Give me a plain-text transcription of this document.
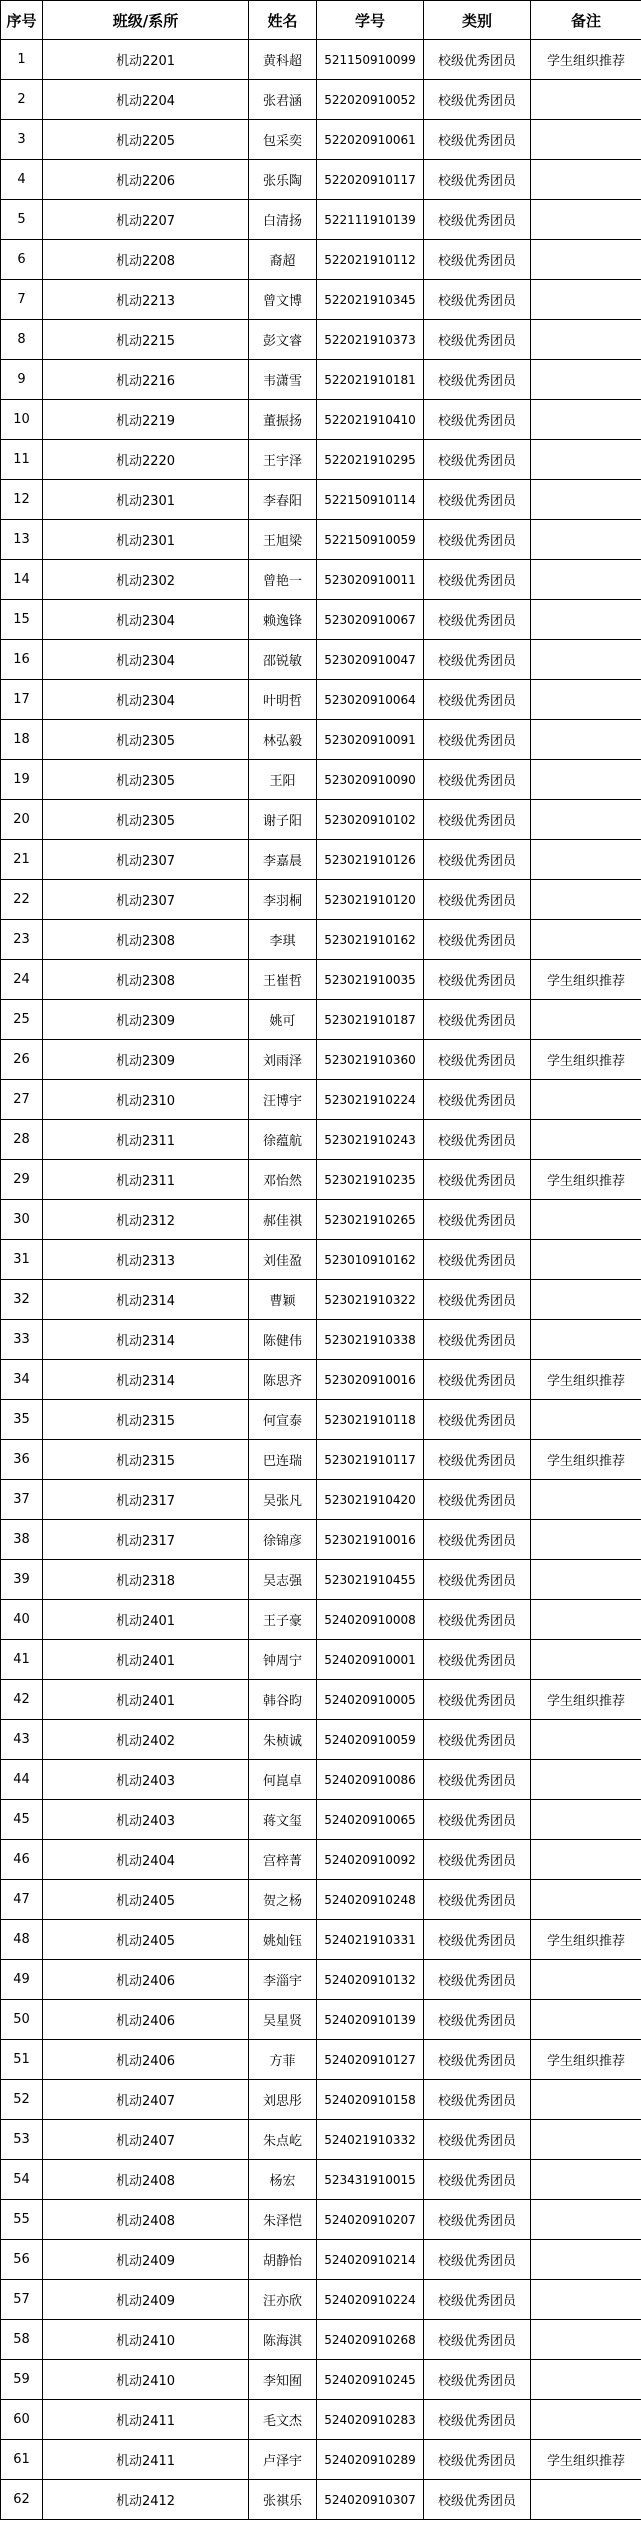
序号	班级/系所	姓名	学号	类别	备注
1	机动2201	黄科超	521150910099	校级优秀团员	学生组织推荐
2	机动2204	张君涵	522020910052	校级优秀团员	
3	机动2205	包采奕	522020910061	校级优秀团员	
4	机动2206	张乐陶	522020910117	校级优秀团员	
5	机动2207	白清扬	522111910139	校级优秀团员	
6	机动2208	裔超	522021910112	校级优秀团员	
7	机动2213	曾文博	522021910345	校级优秀团员	
8	机动2215	彭文睿	522021910373	校级优秀团员	
9	机动2216	韦潇雪	522021910181	校级优秀团员	
10	机动2219	董振扬	522021910410	校级优秀团员	
11	机动2220	王宇泽	522021910295	校级优秀团员	
12	机动2301	李春阳	522150910114	校级优秀团员	
13	机动2301	王旭梁	522150910059	校级优秀团员	
14	机动2302	曾艳一	523020910011	校级优秀团员	
15	机动2304	赖逸锋	523020910067	校级优秀团员	
16	机动2304	邵锐敏	523020910047	校级优秀团员	
17	机动2304	叶明哲	523020910064	校级优秀团员	
18	机动2305	林弘毅	523020910091	校级优秀团员	
19	机动2305	王阳	523020910090	校级优秀团员	
20	机动2305	谢子阳	523020910102	校级优秀团员	
21	机动2307	李嘉晨	523021910126	校级优秀团员	
22	机动2307	李羽桐	523021910120	校级优秀团员	
23	机动2308	李琪	523021910162	校级优秀团员	
24	机动2308	王崔哲	523021910035	校级优秀团员	学生组织推荐
25	机动2309	姚可	523021910187	校级优秀团员	
26	机动2309	刘雨泽	523021910360	校级优秀团员	学生组织推荐
27	机动2310	汪博宇	523021910224	校级优秀团员	
28	机动2311	徐蕴航	523021910243	校级优秀团员	
29	机动2311	邓怡然	523021910235	校级优秀团员	学生组织推荐
30	机动2312	郝佳祺	523021910265	校级优秀团员	
31	机动2313	刘佳盈	523010910162	校级优秀团员	
32	机动2314	曹颖	523021910322	校级优秀团员	
33	机动2314	陈健伟	523021910338	校级优秀团员	
34	机动2314	陈思齐	523020910016	校级优秀团员	学生组织推荐
35	机动2315	何宣泰	523021910118	校级优秀团员	
36	机动2315	巴连瑞	523021910117	校级优秀团员	学生组织推荐
37	机动2317	吴张凡	523021910420	校级优秀团员	
38	机动2317	徐锦彦	523021910016	校级优秀团员	
39	机动2318	吴志强	523021910455	校级优秀团员	
40	机动2401	王子豪	524020910008	校级优秀团员	
41	机动2401	钟周宁	524020910001	校级优秀团员	
42	机动2401	韩谷昀	524020910005	校级优秀团员	学生组织推荐
43	机动2402	朱桢诚	524020910059	校级优秀团员	
44	机动2403	何崑卓	524020910086	校级优秀团员	
45	机动2403	蒋文玺	524020910065	校级优秀团员	
46	机动2404	宫梓菁	524020910092	校级优秀团员	
47	机动2405	贺之杨	524020910248	校级优秀团员	
48	机动2405	姚灿钰	524021910331	校级优秀团员	学生组织推荐
49	机动2406	李淄宇	524020910132	校级优秀团员	
50	机动2406	吴星贤	524020910139	校级优秀团员	
51	机动2406	方菲	524020910127	校级优秀团员	学生组织推荐
52	机动2407	刘思彤	524020910158	校级优秀团员	
53	机动2407	朱点屹	524021910332	校级优秀团员	
54	机动2408	杨宏	523431910015	校级优秀团员	
55	机动2408	朱泽恺	524020910207	校级优秀团员	
56	机动2409	胡静怡	524020910214	校级优秀团员	
57	机动2409	汪亦欣	524020910224	校级优秀团员	
58	机动2410	陈海淇	524020910268	校级优秀团员	
59	机动2410	李知囿	524020910245	校级优秀团员	
60	机动2411	毛文杰	524020910283	校级优秀团员	
61	机动2411	卢泽宇	524020910289	校级优秀团员	学生组织推荐
62	机动2412	张祺乐	524020910307	校级优秀团员	
